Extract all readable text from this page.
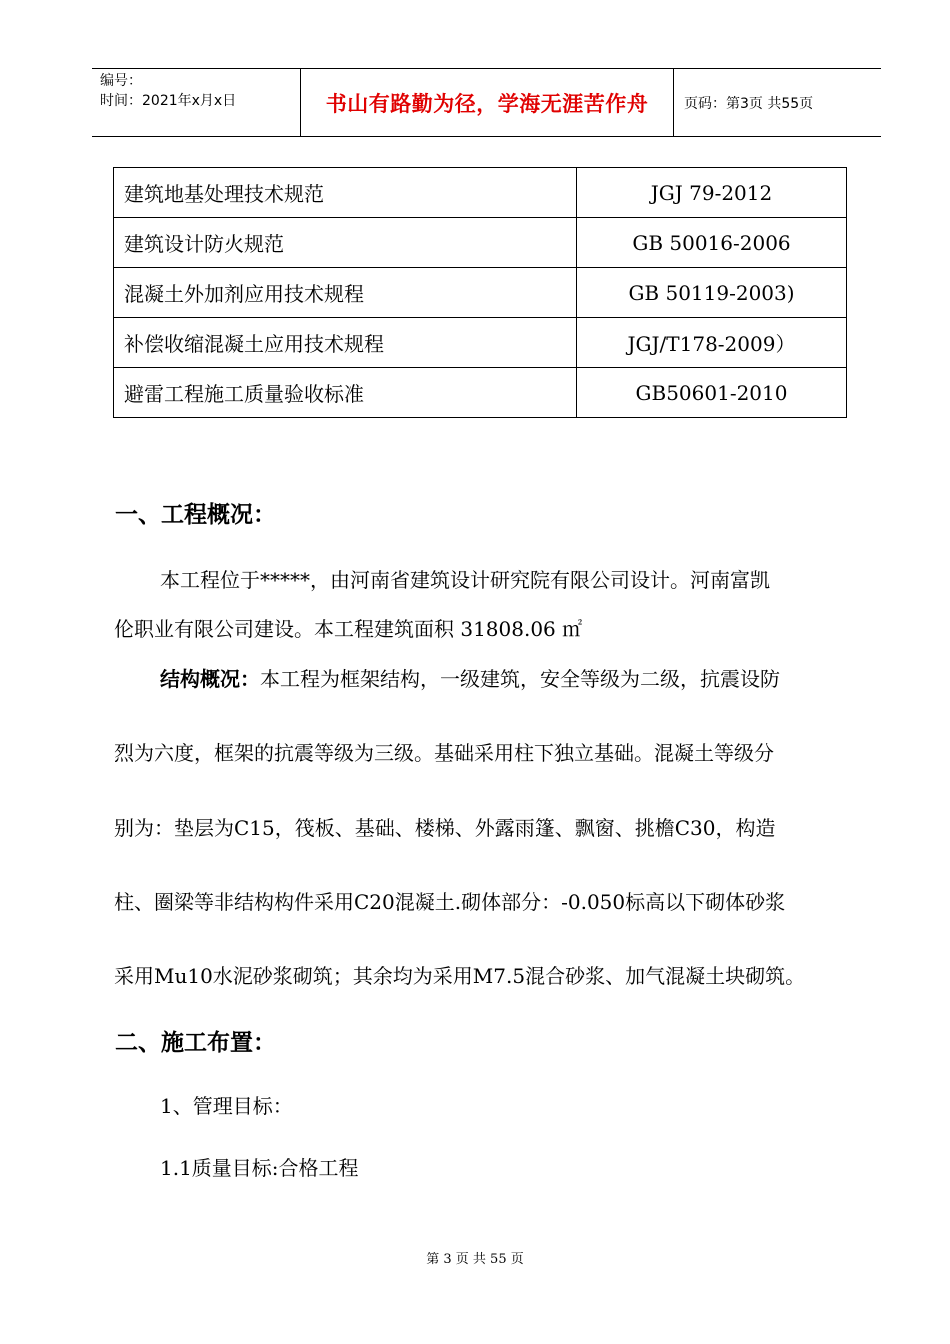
编号：
时间：2021年x月x日	书山有路勤为径，学海无涯苦作舟	页码：第3页 共55页
建筑地基处理技术规范	JGJ 79-2012
建筑设计防火规范	GB 50016-2006
混凝土外加剂应用技术规程	GB 50119-2003)
补偿收缩混凝土应用技术规程	JGJ/T178-2009）
避雷工程施工质量验收标准	GB50601-2010
一、工程概况：
本工程位于*****，由河南省建筑设计研究院有限公司设计。河南富凯
伦职业有限公司建设。本工程建筑面积 31808.06 ㎡
结构概况：本工程为框架结构，一级建筑，安全等级为二级，抗震设防
烈为六度，框架的抗震等级为三级。基础采用柱下独立基础。混凝土等级分
别为：垫层为C15，筏板、基础、楼梯、外露雨篷、飘窗、挑檐C30，构造
柱、圈梁等非结构构件采用C20混凝土.砌体部分：-0.050标高以下砌体砂浆
采用Mu10水泥砂浆砌筑；其余均为采用M7.5混合砂浆、加气混凝土块砌筑。
二、施工布置：
1、管理目标：
1.1质量目标:合格工程
第 3 页 共 55 页
